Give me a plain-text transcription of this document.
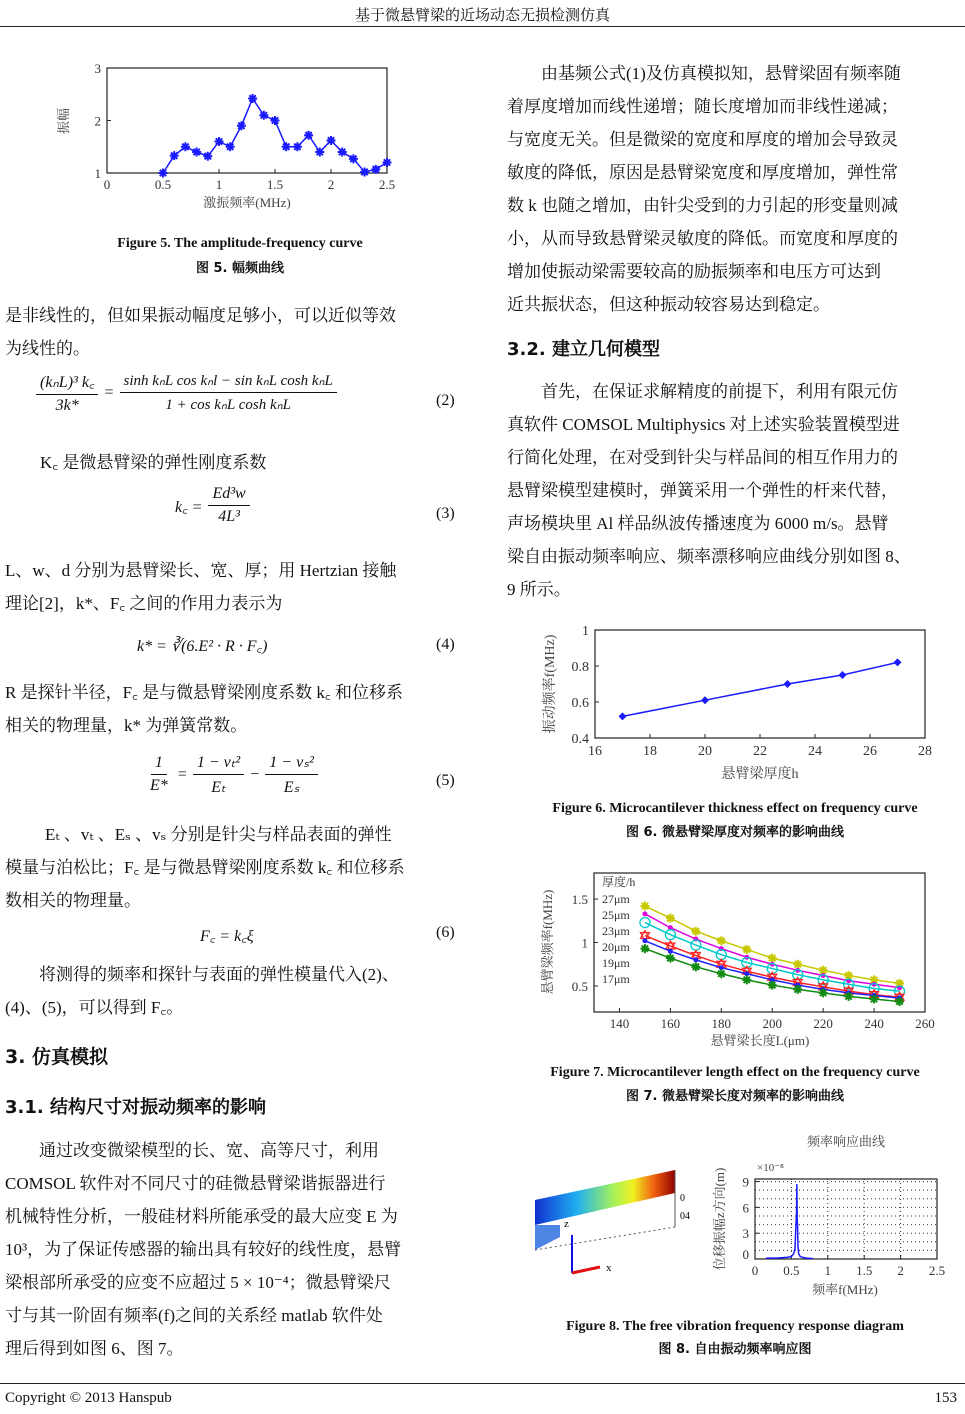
基于微悬臂梁的近场动态无损检测仿真
0	0.5	1	1.5	2	2.5
1
2
3
激振频率(MHz)
振幅
Figure 5. The amplitude-frequency curve
图 5. 幅频曲线
是非线性的，但如果振动幅度足够小，可以近似等效
为线性的。
$\frac{\text{(kₙL)³ k꜀}}{3k*} = \frac{\text{sinh kₙL cos kₙl − sin kₙL cosh kₙL}}{\text{1 + cos kₙL cosh kₙL}}$	(2)
K꜀ 是微悬臂梁的弹性刚度系数
k꜀ = $\frac{\text{Ed³w}}{\text{4L³}}$	(3)
L、w、d 分别为悬臂梁长、宽、厚；用 Hertzian 接触
理论[2]，k*、F꜀ 之间的作用力表示为
k* = ∛(6.E² · R · F꜀)	(4)
R 是探针半径，F꜀ 是与微悬臂梁刚度系数 k꜀ 和位移系
相关的物理量，k* 为弹簧常数。
$\frac{1}{E*} = \frac{\text{1 − vₜ²}}{\text{Eₜ}} - \frac{\text{1 − vₛ²}}{\text{Eₛ}}$	(5)
Eₜ 、vₜ 、Eₛ 、vₛ 分别是针尖与样品表面的弹性
模量与泊松比；F꜀ 是与微悬臂梁刚度系数 k꜀ 和位移系
数相关的物理量。
F꜀ = k꜀ξ	(6)
将测得的频率和探针与表面的弹性模量代入(2)、
(4)、(5)，可以得到 F꜀。
3. 仿真模拟
3.1. 结构尺寸对振动频率的影响
通过改变微梁模型的长、宽、高等尺寸，利用
COMSOL 软件对不同尺寸的硅微悬臂梁谐振器进行
机械特性分析，一般硅材料所能承受的最大应变 E 为
10³，为了保证传感器的输出具有较好的线性度，悬臂
梁根部所承受的应变不应超过 5 × 10⁻⁴；微悬臂梁尺
寸与其一阶固有频率(f)之间的关系经 matlab 软件处
理后得到如图 6、图 7。
由基频公式(1)及仿真模拟知，悬臂梁固有频率随
着厚度增加而线性递增；随长度增加而非线性递减；
与宽度无关。但是微梁的宽度和厚度的增加会导致灵
敏度的降低，原因是悬臂梁宽度和厚度增加，弹性常
数 k 也随之增加，由针尖受到的力引起的形变量则减
小，从而导致悬臂梁灵敏度的降低。而宽度和厚度的
增加使振动梁需要较高的励振频率和电压方可达到
近共振状态，但这种振动较容易达到稳定。
3.2. 建立几何模型
首先，在保证求解精度的前提下，利用有限元仿
真软件 COMSOL Multiphysics 对上述实验装置模型进
行简化处理，在对受到针尖与样品间的相互作用力的
悬臂梁模型建模时，弹簧采用一个弹性的杆来代替，
声场模块里 Al 样品纵波传播速度为 6000 m/s。悬臂
梁自由振动频率响应、频率漂移响应曲线分别如图 8、
9 所示。
16	18	20	22	24	26	28
0.4
0.6
0.8
1
悬臂梁厚度h
振动频率f(MHz)
Figure 6. Microcantilever thickness effect on frequency curve
图 6. 微悬臂梁厚度对频率的影响曲线
140 160 180 200 220 240 260
0.5
1
1.5
悬臂梁长度L(μm)
悬臂梁频率f(MHz)
厚度/h
27μm
25μm
23μm
20μm
19μm
17μm
Figure 7. Microcantilever length effect on the frequency curve
图 7. 微悬臂梁长度对频率的影响曲线
z
x
04
0
0 0.5 1 1.5 2 2.5
0
3
6
9
频率f(MHz)
位移振幅z方向(m)
频率响应曲线
×10⁻⁸
Figure 8. The free vibration frequency response diagram
图 8. 自由振动频率响应图
Copyright © 2013 Hanspub	153
